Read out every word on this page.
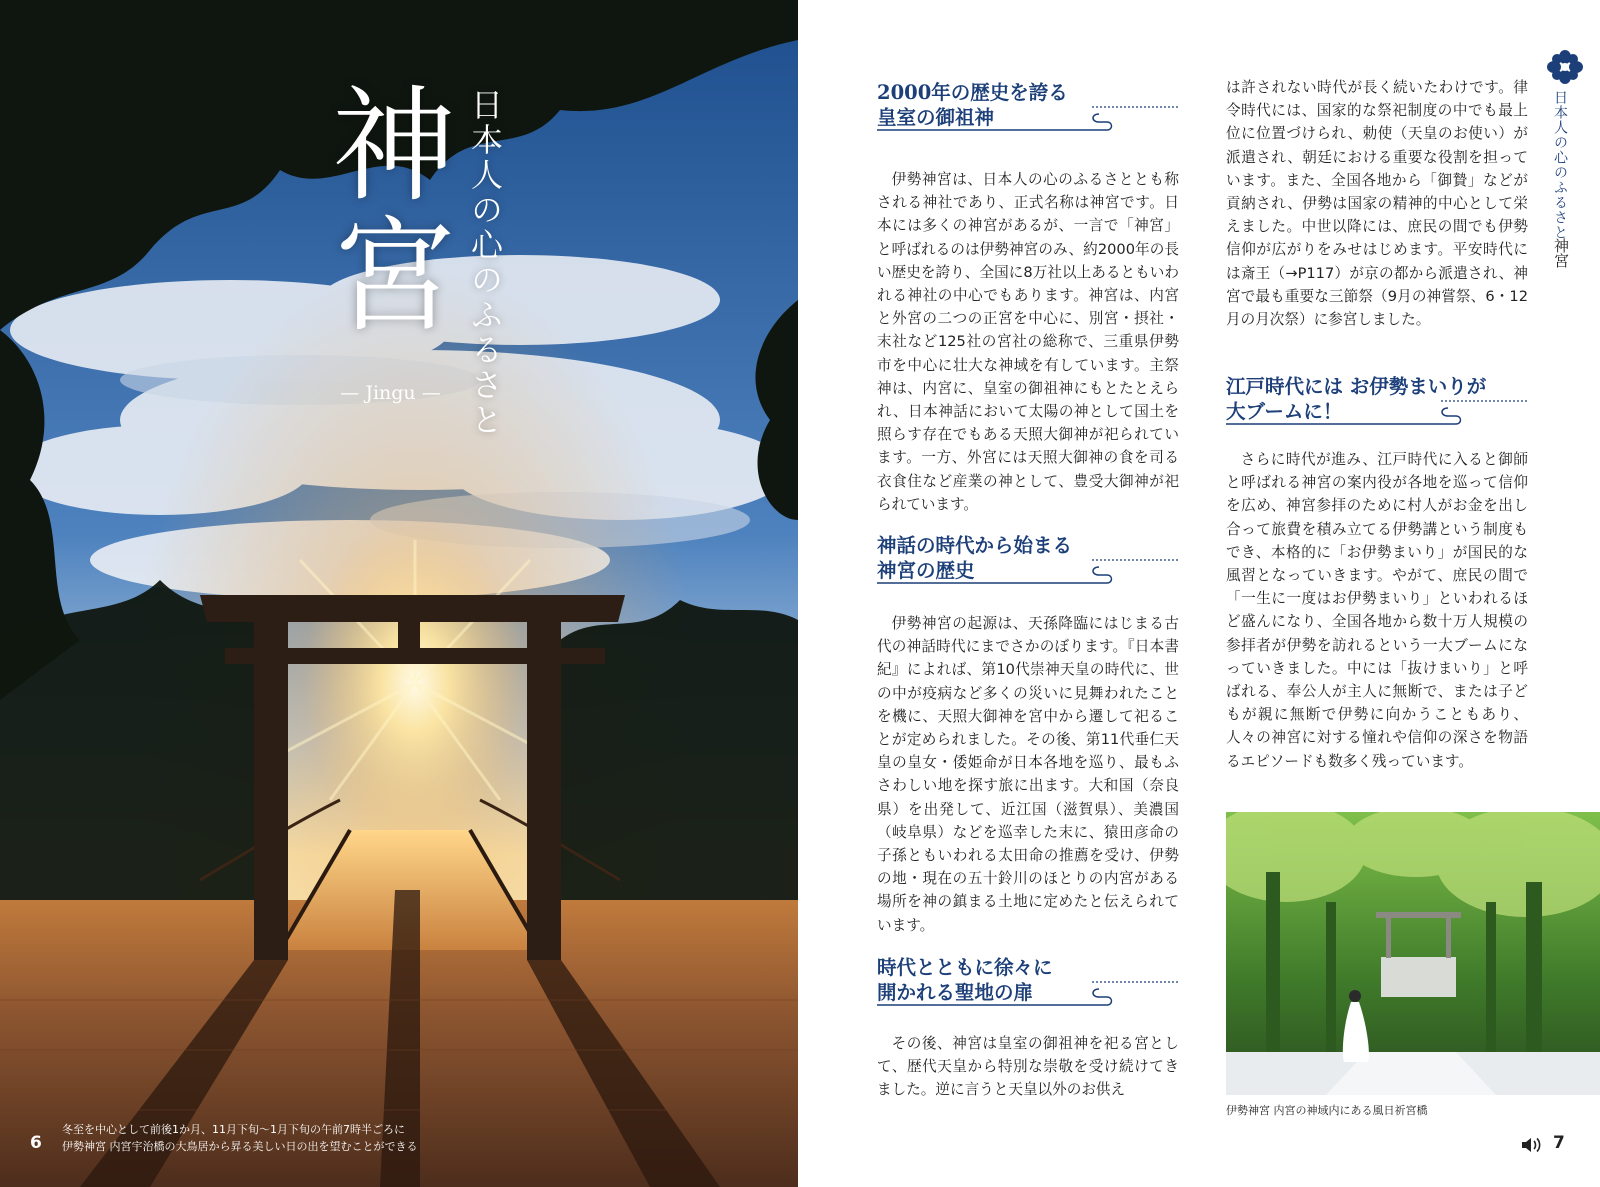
神宮 日本人の心のふるさと
— Jingu —
冬至を中心として前後1か月、11月下旬〜1月下旬の午前7時半ごろに
伊勢神宮 内宮宇治橋の大鳥居から昇る美しい日の出を望むことができる
6
2000年の歴史を誇る
皇室の御祖神

伊勢神宮は、日本人の心のふるさととも称される神社であり、正式名称は神宮です。日本には多くの神宮があるが、一言で「神宮」と呼ばれるのは伊勢神宮のみ、約2000年の長い歴史を誇り、全国に8万社以上あるともいわれる神社の中心でもあります。神宮は、内宮と外宮の二つの正宮を中心に、別宮・摂社・末社など125社の宮社の総称で、三重県伊勢市を中心に壮大な神域を有しています。主祭神は、内宮に、皇室の御祖神にもとたとえられ、日本神話において太陽の神として国土を照らす存在でもある天照大御神が祀られています。一方、外宮には天照大御神の食を司る衣食住など産業の神として、豊受大御神が祀られています。

神話の時代から始まる
神宮の歴史

伊勢神宮の起源は、天孫降臨にはじまる古代の神話時代にまでさかのぼります。『日本書紀』によれば、第10代崇神天皇の時代に、世の中が疫病など多くの災いに見舞われたことを機に、天照大御神を宮中から遷して祀ることが定められました。その後、第11代垂仁天皇の皇女・倭姫命が日本各地を巡り、最もふさわしい地を探す旅に出ます。大和国（奈良県）を出発して、近江国（滋賀県）、美濃国（岐阜県）などを巡幸した末に、猿田彦命の子孫ともいわれる太田命の推薦を受け、伊勢の地・現在の五十鈴川のほとりの内宮がある場所を神の鎮まる土地に定めたと伝えられています。

時代とともに徐々に
開かれる聖地の扉

その後、神宮は皇室の御祖神を祀る宮として、歴代天皇から特別な崇敬を受け続けてきました。逆に言うと天皇以外のお供え

は許されない時代が長く続いたわけです。律令時代には、国家的な祭祀制度の中でも最上位に位置づけられ、勅使（天皇のお使い）が派遣され、朝廷における重要な役割を担っています。また、全国各地から「御贄」などが貢納され、伊勢は国家の精神的中心として栄えました。中世以降には、庶民の間でも伊勢信仰が広がりをみせはじめます。平安時代には斎王（→P117）が京の都から派遣され、神宮で最も重要な三節祭（9月の神嘗祭、6・12月の月次祭）に参宮しました。

江戸時代には お伊勢まいりが
大ブームに！

さらに時代が進み、江戸時代に入ると御師と呼ばれる神宮の案内役が各地を巡って信仰を広め、神宮参拝のために村人がお金を出し合って旅費を積み立てる伊勢講という制度もでき、本格的に「お伊勢まいり」が国民的な風習となっていきます。やがて、庶民の間で「一生に一度はお伊勢まいり」といわれるほど盛んになり、全国各地から数十万人規模の参拝者が伊勢を訪れるという一大ブームになっていきました。中には「抜けまいり」と呼ばれる、奉公人が主人に無断で、または子どもが親に無断で伊勢に向かうこともあり、人々の神宮に対する憧れや信仰の深さを物語るエピソードも数多く残っています。

伊勢神宮 内宮の神域内にある風日祈宮橋
日本人の心のふるさと
神宮
7
